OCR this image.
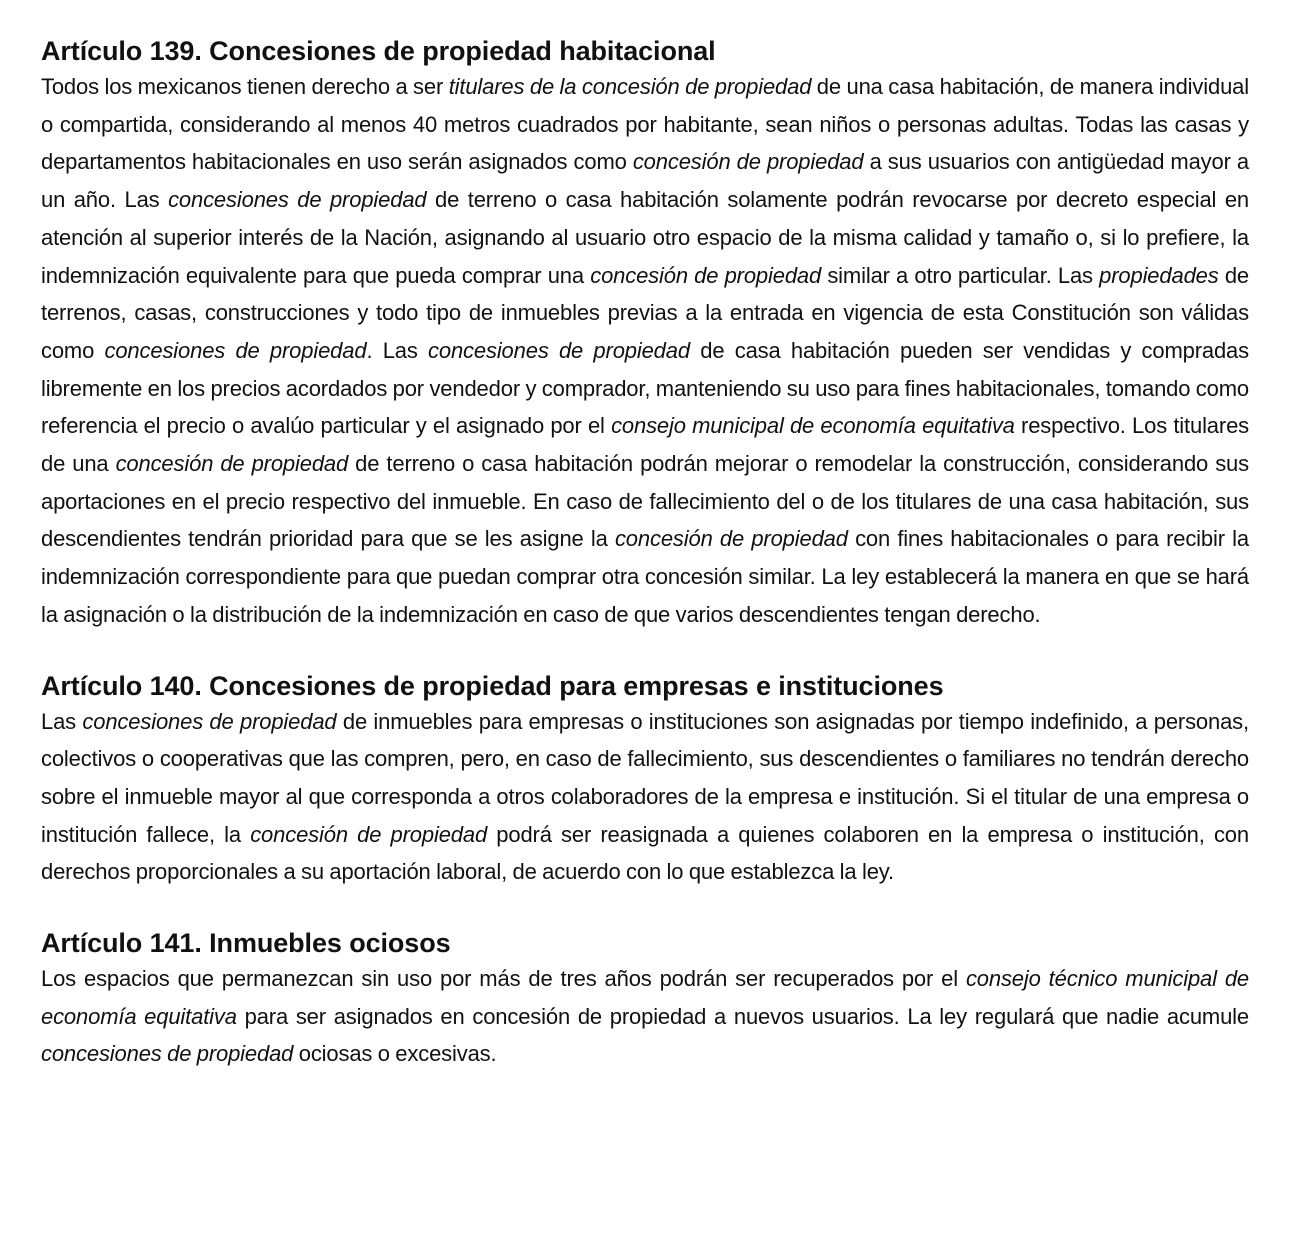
Artículo 139. Concesiones de propiedad habitacional

Todos los mexicanos tienen derecho a ser titulares de la concesión de propiedad de una casa habitación, de manera individual o compartida, considerando al menos 40 metros cuadrados por habitante, sean niños o personas adultas. Todas las casas y departamentos habitacionales en uso serán asignados como concesión de propiedad a sus usuarios con antigüedad mayor a un año. Las concesiones de propiedad de terreno o casa habitación solamente podrán revocarse por decreto especial en atención al superior interés de la Nación, asignando al usuario otro espacio de la misma calidad y tamaño o, si lo prefiere, la indemnización equivalente para que pueda comprar una concesión de propiedad similar a otro particular. Las propiedades de terrenos, casas, construcciones y todo tipo de inmuebles previas a la entrada en vigencia de esta Constitución son válidas como concesiones de propiedad. Las concesiones de propiedad de casa habitación pueden ser vendidas y compradas libremente en los precios acordados por vendedor y comprador, manteniendo su uso para fines habitacionales, tomando como referencia el precio o avalúo particular y el asignado por el consejo municipal de economía equitativa respectivo. Los titulares de una concesión de propiedad de terreno o casa habitación podrán mejorar o remodelar la construcción, considerando sus aportaciones en el precio respectivo del inmueble. En caso de fallecimiento del o de los titulares de una casa habitación, sus descendientes tendrán prioridad para que se les asigne la concesión de propiedad con fines habitacionales o para recibir la indemnización correspondiente para que puedan comprar otra concesión similar. La ley establecerá la manera en que se hará la asignación o la distribución de la indemnización en caso de que varios descendientes tengan derecho.

Artículo 140. Concesiones de propiedad para empresas e instituciones

Las concesiones de propiedad de inmuebles para empresas o instituciones son asignadas por tiempo indefinido, a personas, colectivos o cooperativas que las compren, pero, en caso de fallecimiento, sus descendientes o familiares no tendrán derecho sobre el inmueble mayor al que corresponda a otros colaboradores de la empresa e institución. Si el titular de una empresa o institución fallece, la concesión de propiedad podrá ser reasignada a quienes colaboren en la empresa o institución, con derechos proporcionales a su aportación laboral, de acuerdo con lo que establezca la ley.

Artículo 141. Inmuebles ociosos

Los espacios que permanezcan sin uso por más de tres años podrán ser recuperados por el consejo técnico municipal de economía equitativa para ser asignados en concesión de propiedad a nuevos usuarios. La ley regulará que nadie acumule concesiones de propiedad ociosas o excesivas.
